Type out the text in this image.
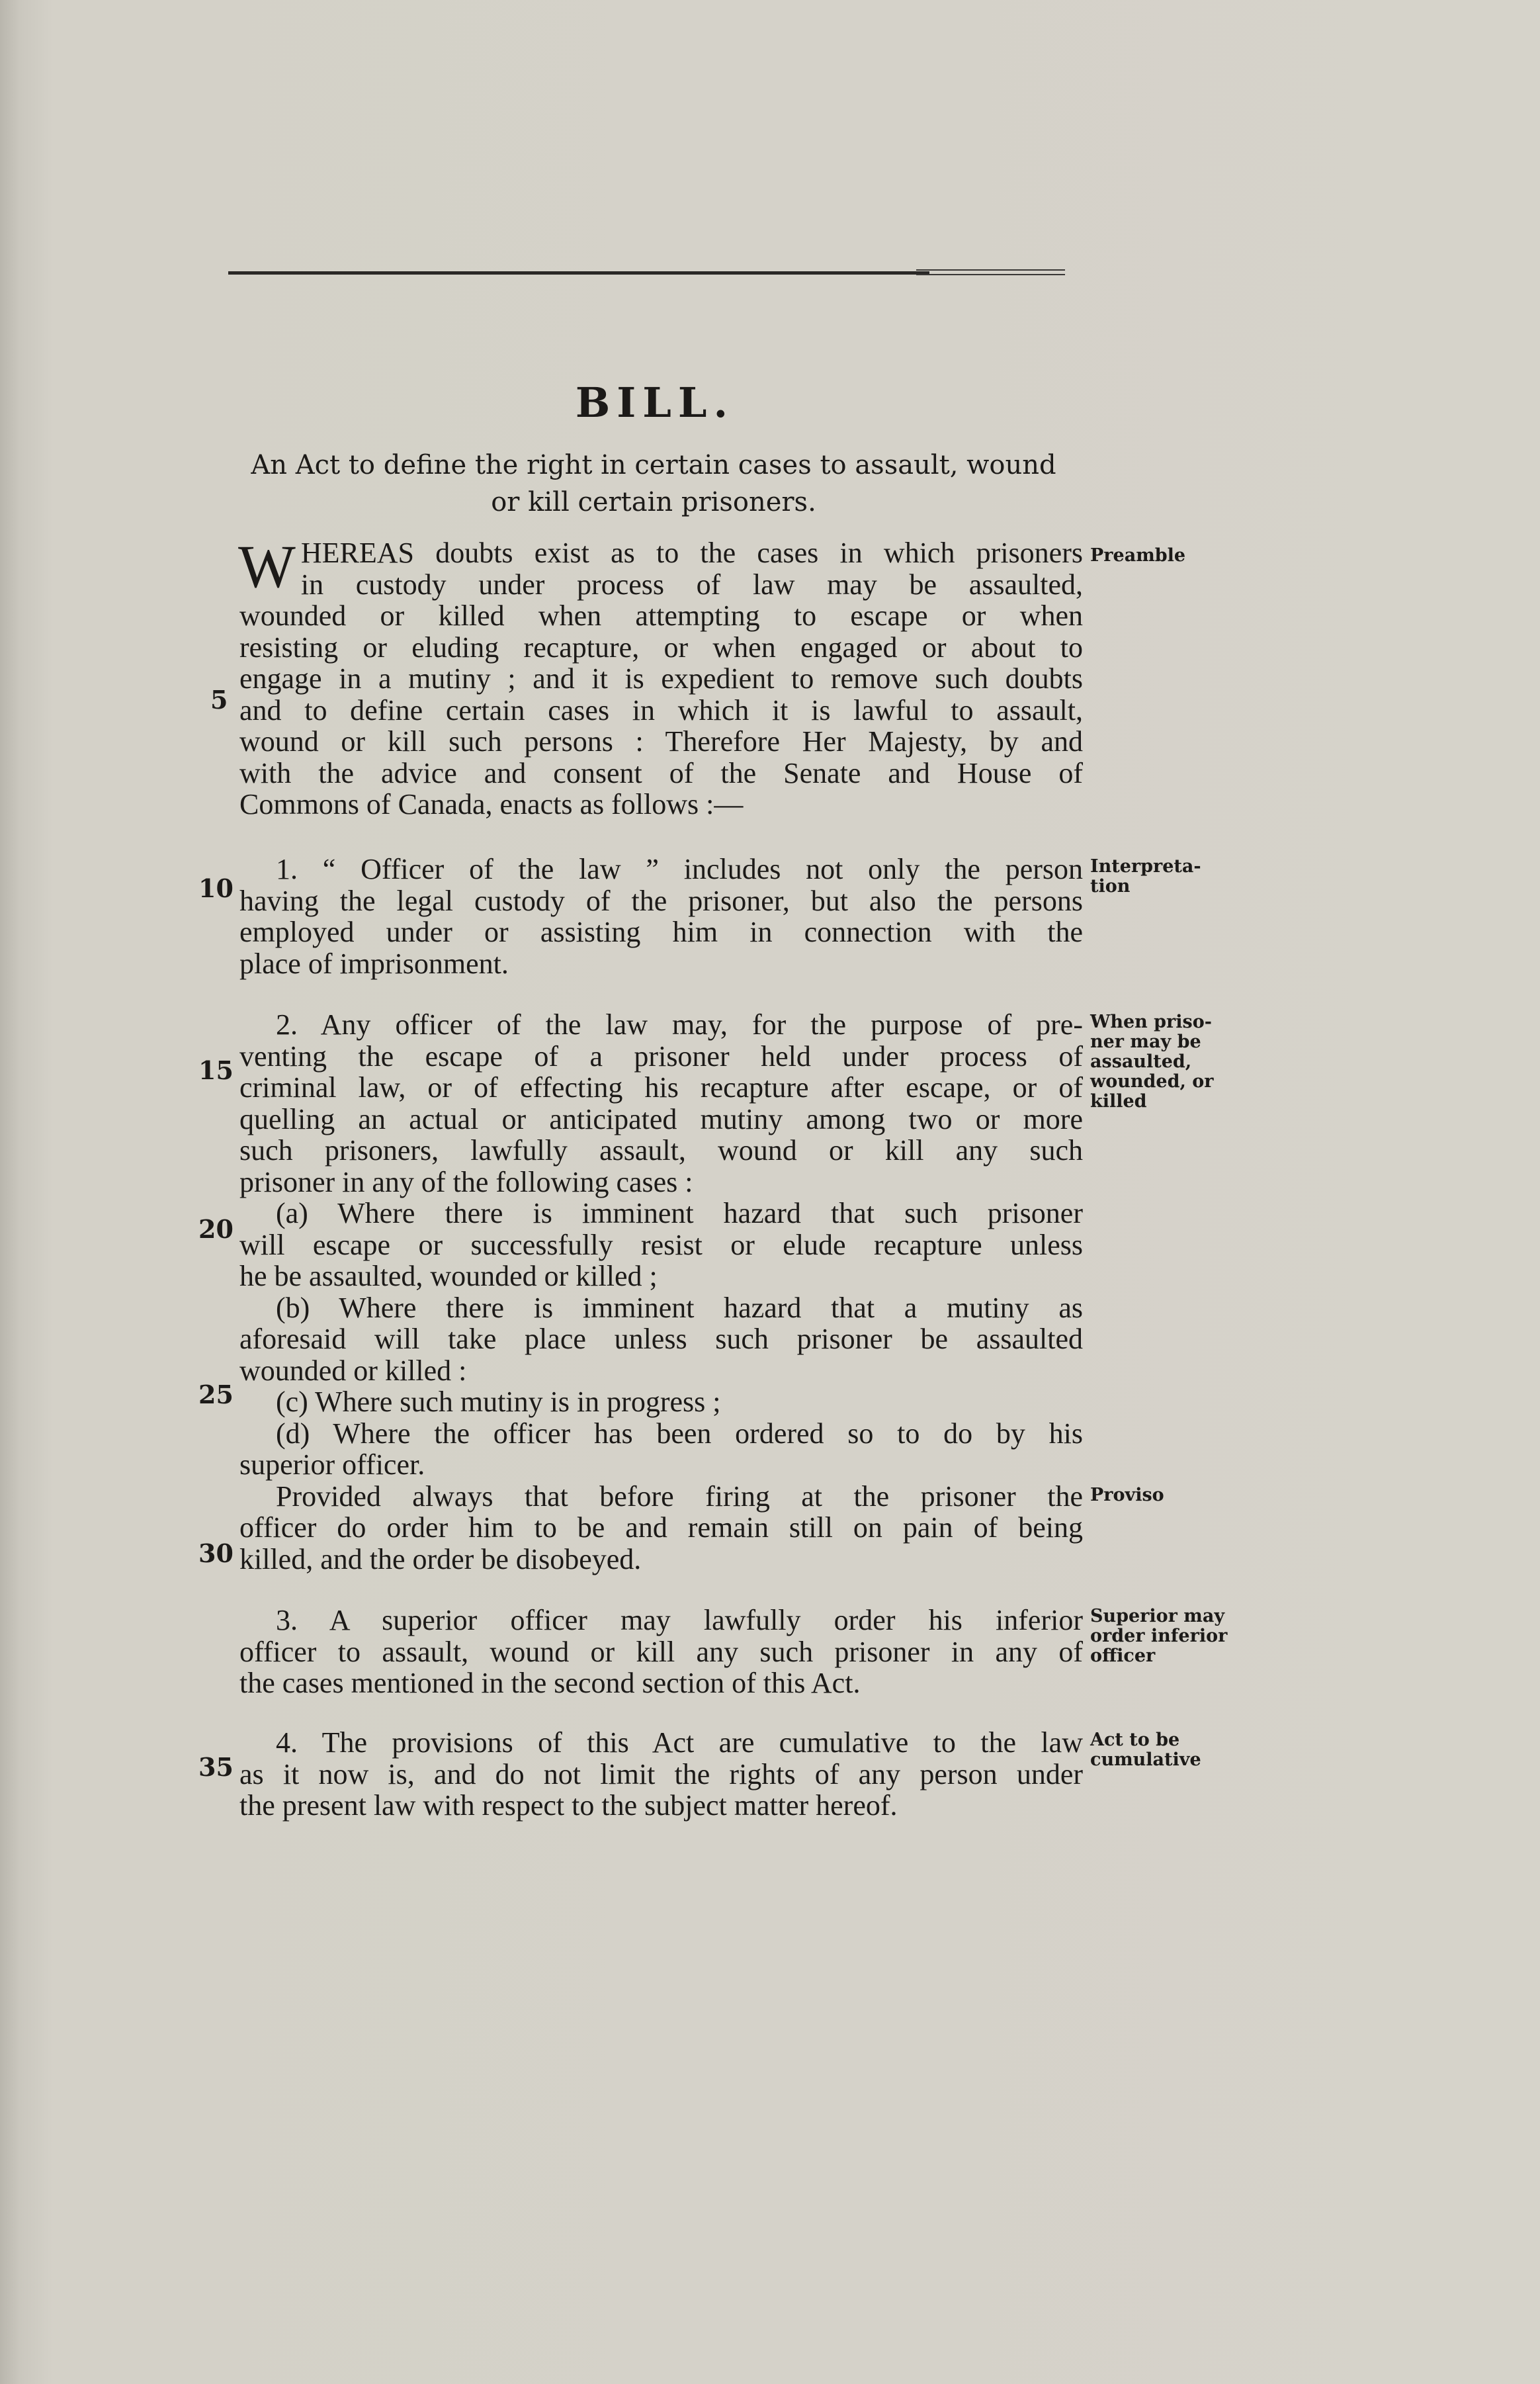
BILL.
An Act to define the right in certain cases to assault, wound or kill certain prisoners.
W HEREAS doubts exist as to the cases in which prisoners
in custody under process of law may be assaulted,
wounded or killed when attempting to escape or when
resisting or eluding recapture, or when engaged or about to
engage in a mutiny ; and it is expedient to remove such doubts
and to define certain cases in which it is lawful to assault,
wound or kill such persons : Therefore Her Majesty, by and
with the advice and consent of the Senate and House of
Commons of Canada, enacts as follows :—
1. “ Officer of the law ” includes not only the person
having the legal custody of the prisoner, but also the persons
employed under or assisting him in connection with the
place of imprisonment.
2. Any officer of the law may, for the purpose of pre-
venting the escape of a prisoner held under process of
criminal law, or of effecting his recapture after escape, or of
quelling an actual or anticipated mutiny among two or more
such prisoners, lawfully assault, wound or kill any such
prisoner in any of the following cases :
(a) Where there is imminent hazard that such prisoner
will escape or successfully resist or elude recapture unless
he be assaulted, wounded or killed ;
(b) Where there is imminent hazard that a mutiny as
aforesaid will take place unless such prisoner be assaulted
wounded or killed :
(c) Where such mutiny is in progress ;
(d) Where the officer has been ordered so to do by his
superior officer.
Provided always that before firing at the prisoner the
officer do order him to be and remain still on pain of being
killed, and the order be disobeyed.
3. A superior officer may lawfully order his inferior
officer to assault, wound or kill any such prisoner in any of
the cases mentioned in the second section of this Act.
4. The provisions of this Act are cumulative to the law
as it now is, and do not limit the rights of any person under
the present law with respect to the subject matter hereof.
Preamble
Interpreta- tion
When priso- ner may be assaulted, wounded, or killed
Proviso
Superior may order inferior officer
Act to be cumulative
5
10
15
20
25
30
35
